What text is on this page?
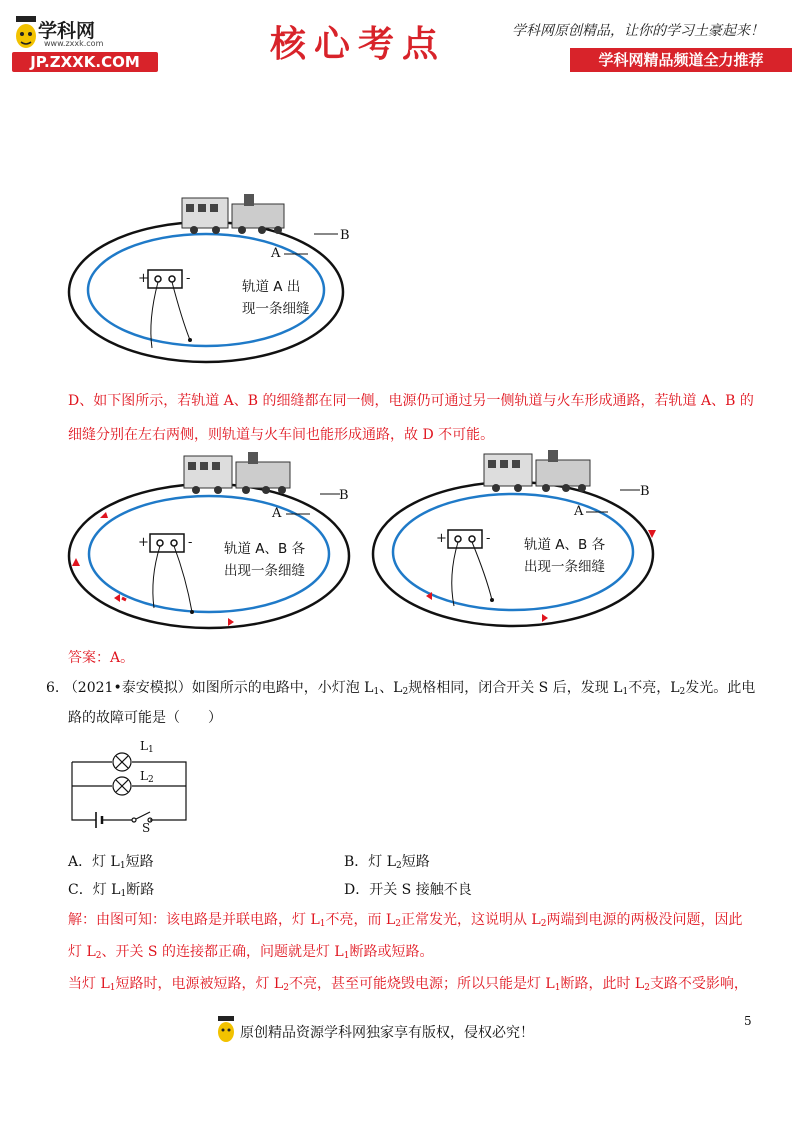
学科网
www.zxxk.com
JP.ZXXK.COM	核心考点	学科网原创精品，让你的学习土豪起来！
学科网精品频道全力推荐
B
A
+	-
轨道 A 出
现一条细缝
D、如下图所示，若轨道 A、B 的细缝都在同一侧，电源仍可通过另一侧轨道与火车形成通路，若轨道 A、B 的
细缝分别在左右两侧，则轨道与火车间也能形成通路，故 D 不可能。
B
A
+	- 轨道 A、B 各
出现一条细缝
B
A
+	- 轨道 A、B 各
出现一条细缝
答案：A。
6. （2021•泰安模拟）如图所示的电路中，小灯泡 $L_1$、$L_2$规格相同，闭合开关 S 后，发现 $L_1$不亮，$L_2$发光。此电
路的故障可能是（　　）
$L_1$
$L_2$
S
A．灯 $L_1$短路	B．灯 $L_2$短路
C．灯 $L_1$断路	D．开关 S 接触不良
解：由图可知：该电路是并联电路，灯 $L_1$不亮，而 $L_2$正常发光，这说明从 $L_2$两端到电源的两极没问题，因此
灯 $L_2$、开关 S 的连接都正确，问题就是灯 $L_1$断路或短路。
当灯 $L_1$短路时，电源被短路，灯 $L_2$不亮，甚至可能烧毁电源；所以只能是灯 $L_1$断路，此时 $L_2$支路不受影响，
原创精品资源学科网独家享有版权，侵权必究！
5
